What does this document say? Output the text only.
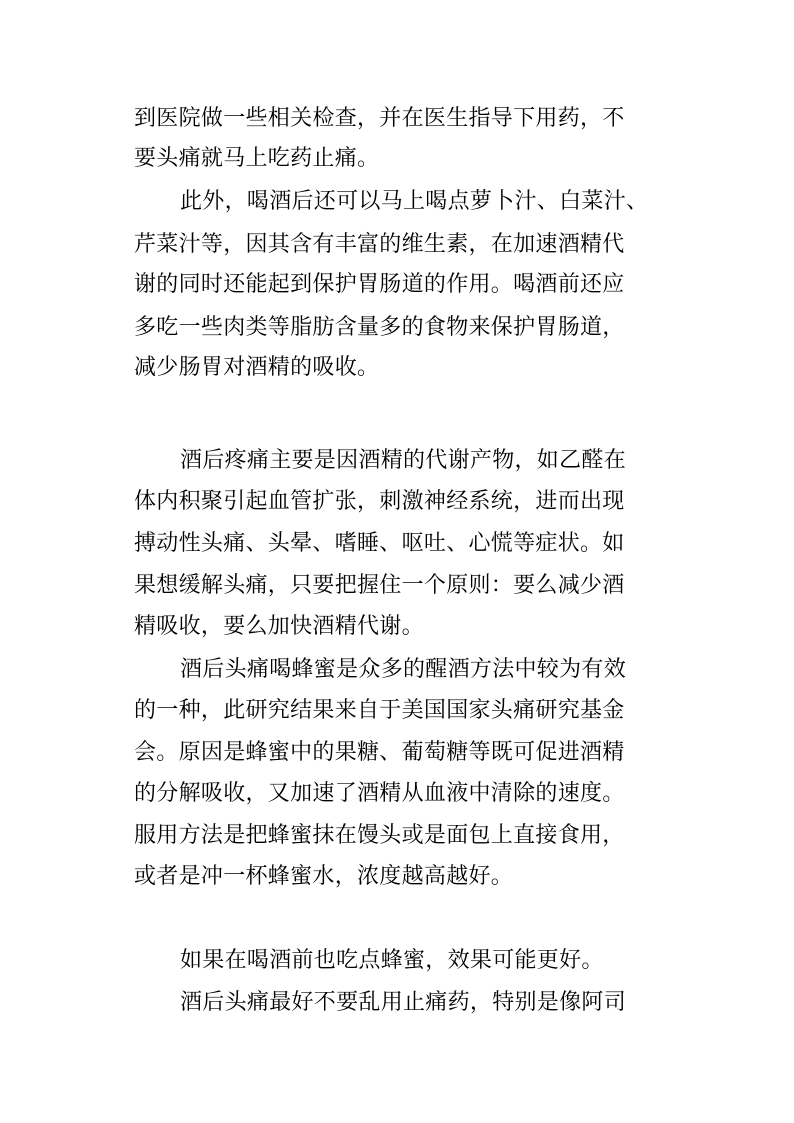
到医院做一些相关检查，并在医生指导下用药，不
要头痛就马上吃药止痛。
此外，喝酒后还可以马上喝点萝卜汁、白菜汁、
芹菜汁等，因其含有丰富的维生素，在加速酒精代
谢的同时还能起到保护胃肠道的作用。喝酒前还应
多吃一些肉类等脂肪含量多的食物来保护胃肠道，
减少肠胃对酒精的吸收。
酒后疼痛主要是因酒精的代谢产物，如乙醛在
体内积聚引起血管扩张，刺激神经系统，进而出现
搏动性头痛、头晕、嗜睡、呕吐、心慌等症状。如
果想缓解头痛，只要把握住一个原则：要么减少酒
精吸收，要么加快酒精代谢。
酒后头痛喝蜂蜜是众多的醒酒方法中较为有效
的一种，此研究结果来自于美国国家头痛研究基金
会。原因是蜂蜜中的果糖、葡萄糖等既可促进酒精
的分解吸收，又加速了酒精从血液中清除的速度。
服用方法是把蜂蜜抹在馒头或是面包上直接食用，
或者是冲一杯蜂蜜水，浓度越高越好。
如果在喝酒前也吃点蜂蜜，效果可能更好。
酒后头痛最好不要乱用止痛药，特别是像阿司
